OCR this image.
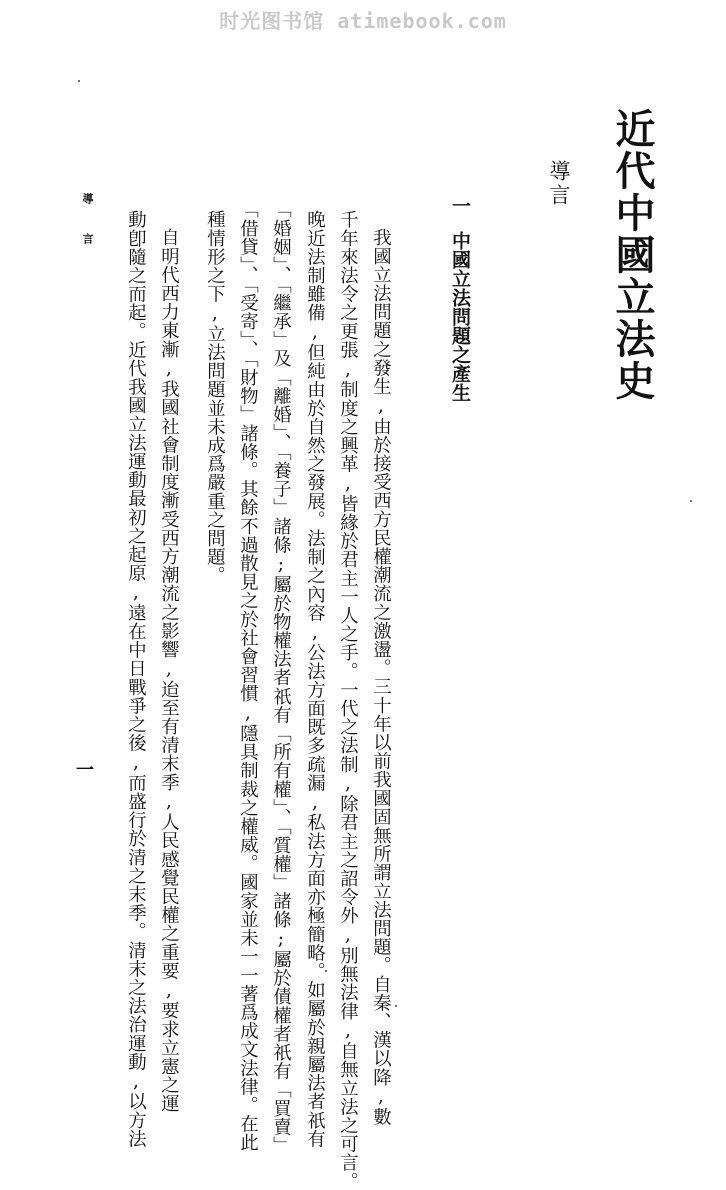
时光图书馆 atimebook.com
近代中國立法史
導言
一中國立法問題之產生
我國立法問題之發生,由於接受西方民權潮流之激盪。三十年以前我國固無所謂立法問題。自秦、漢以降,數
千年來法令之更張,制度之興革,皆緣於君主一人之手。一代之法制,除君主之詔令外,別無法律,自無立法之可言。
晚近法制雖備,但純由於自然之發展。法制之內容,公法方面既多疏漏,私法方面亦極簡略。如屬於親屬法者祇有
「婚姻」、「繼承」及「離婚」、「養子」諸條;屬於物權法者祇有「所有權」、「質權」諸條;屬於債權者祇有「買賣」
「借貸」、「受寄」、「財物」諸條。其餘不過散見之於社會習慣,隱具制裁之權威。國家並未一一著爲成文法律。在此
種情形之下,立法問題並未成爲嚴重之問題。
自明代西力東漸,我國社會制度漸受西方潮流之影響,迨至有清末季,人民感覺民權之重要,要求立憲之運
動卽隨之而起。近代我國立法運動最初之起原,遠在中日戰爭之後,而盛行於清之末季。清末之法治運動,以方法
導 言
一
